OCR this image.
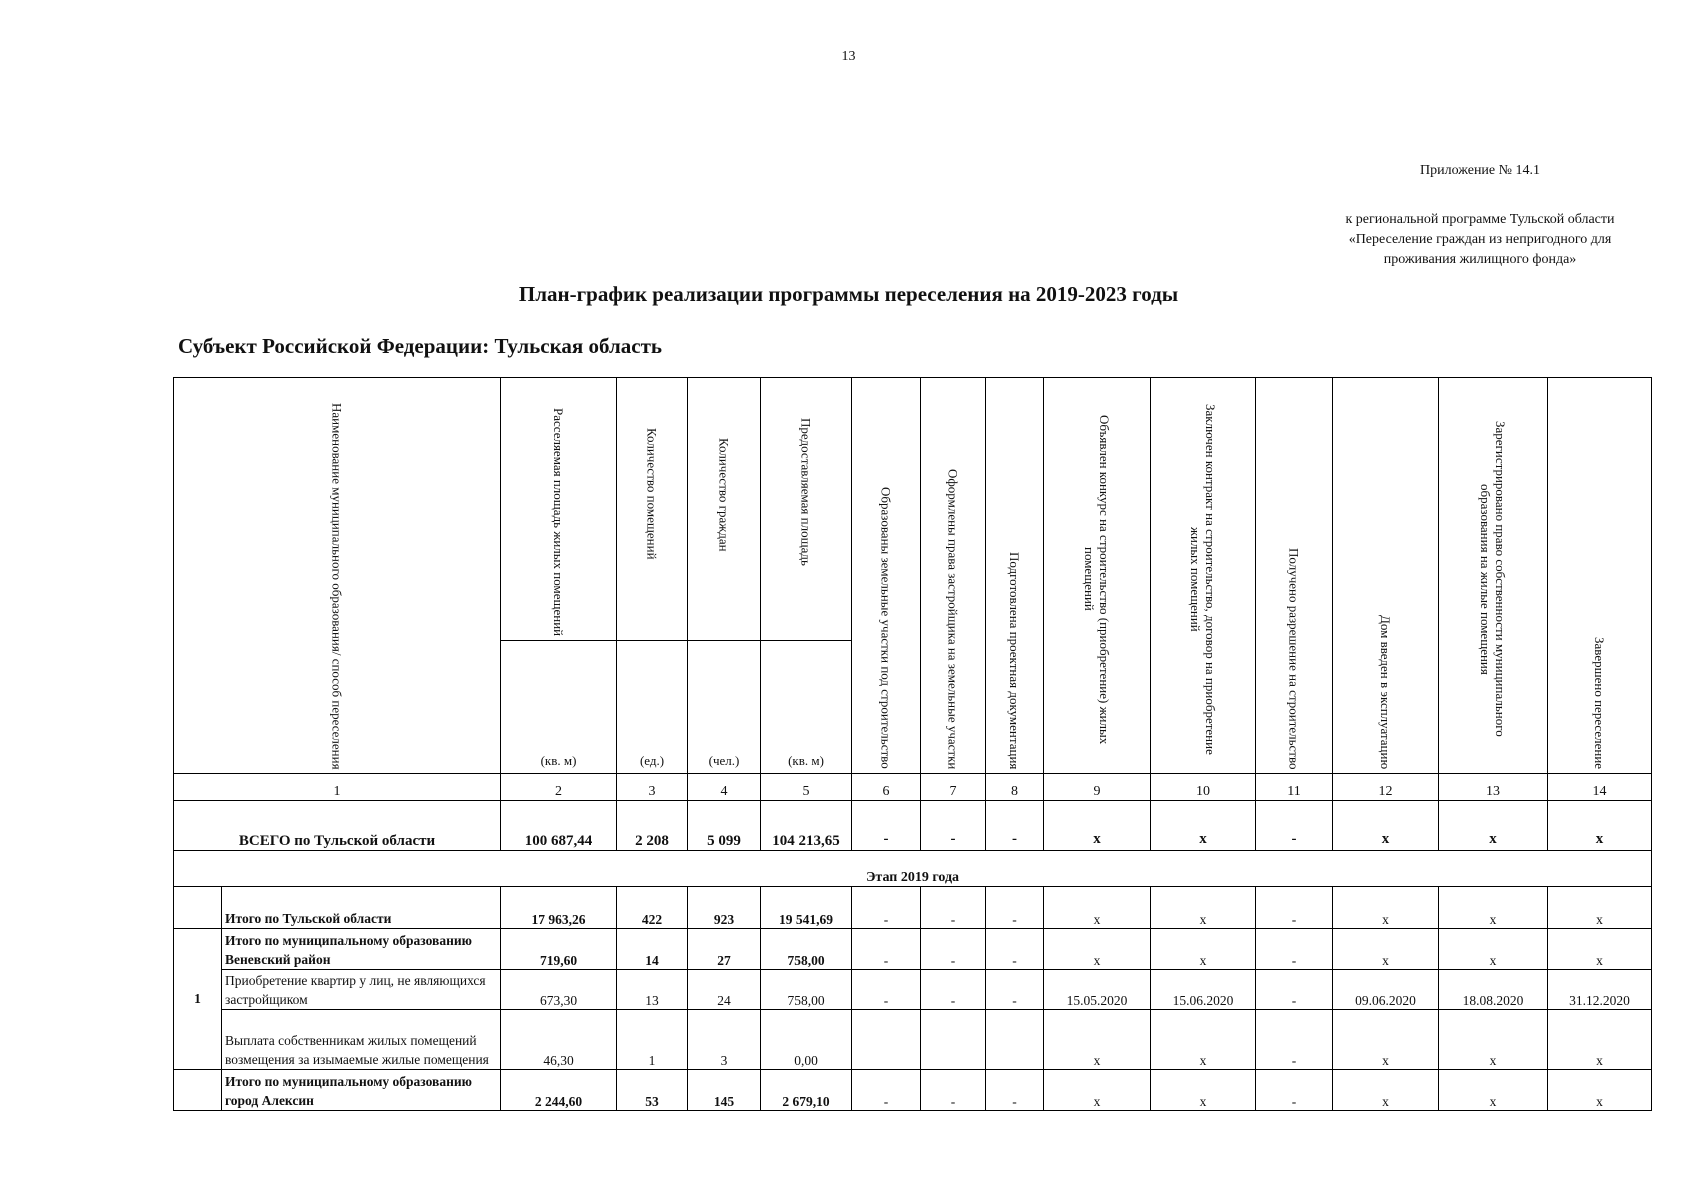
13
Приложение № 14.1
к региональной программе Тульской области
«Переселение граждан из непригодного для
проживания жилищного фонда»
План-график реализации программы переселения на 2019-2023 годы
Субъект Российской Федерации: Тульская область
Наименование муниципального образования/ способ переселения		Расселяемая площадь жилых помещений	Количество помещений	Количество граждан	Предоставляемая площадь	Образованы земельные участки под строительство	Оформлены права застройщика на земельные участки	Подготовлена проектная документация	Объявлен конкурс на строительство (приобретение) жилых помещений	Заключен контракт на строительство, договор на приобретение жилых помещений	Получено разрешение на строительство	Дом введен в эксплуатацию	Зарегистрировано право собственности муниципального образования на жилые помещения	Завершено переселение
		(кв. м)	(ед.)	(чел.)	(кв. м)									
1		2	3	4	5	6	7	8	9	10	11	12	13	14
ВСЕГО по Тульской области		100 687,44	2 208	5 099	104 213,65	-	-	-	x	x	-	x	x	x
Этап 2019 года														
	Итого по Тульской области	17 963,26	422	923	19 541,69	-	-	-	x	x	-	x	x	x
1	Итого по муниципальному образованию Веневский район	719,60	14	27	758,00	-	-	-	x	x	-	x	x	x
	Приобретение квартир у лиц, не являющихся застройщиком	673,30	13	24	758,00	-	-	-	15.05.2020	15.06.2020	-	09.06.2020	18.08.2020	31.12.2020
	Выплата собственникам жилых помещений возмещения за изымаемые жилые помещения	46,30	1	3	0,00				x	x	-	x	x	x
	Итого по муниципальному образованию город Алексин	2 244,60	53	145	2 679,10	-	-	-	x	x	-	x	x	x
